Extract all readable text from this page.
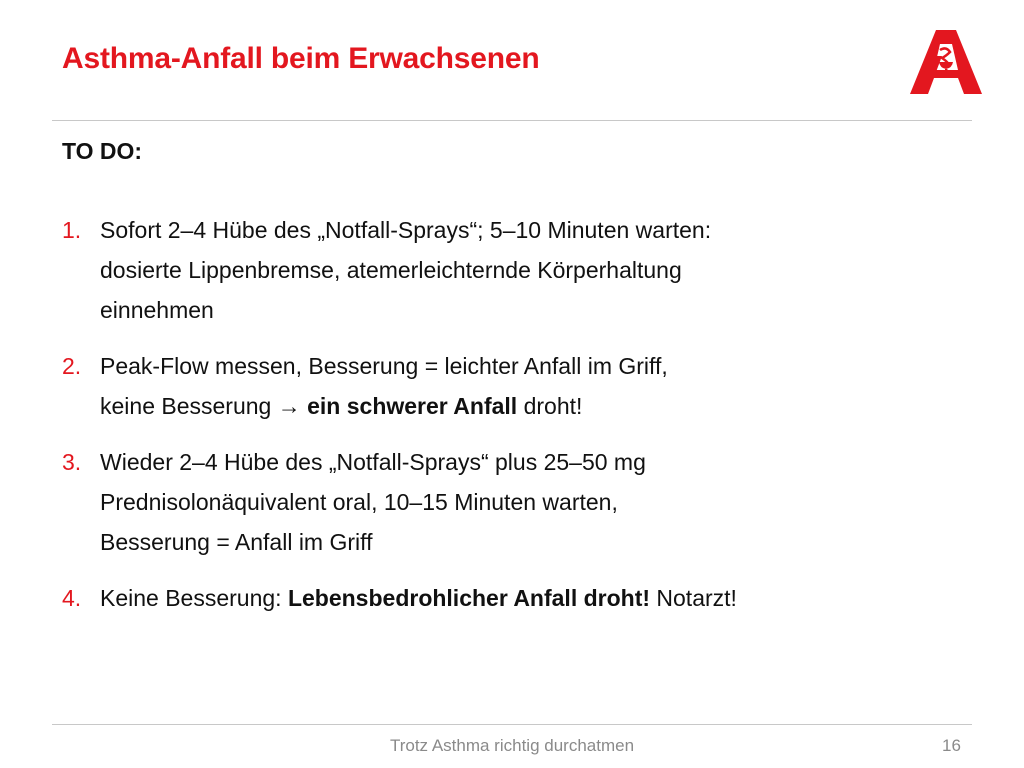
Asthma-Anfall beim Erwachsenen
TO DO:
1. Sofort 2–4 Hübe des „Notfall-Sprays“; 5–10 Minuten warten:
dosierte Lippenbremse, atemerleichternde Körperhaltung
einnehmen
2. Peak-Flow messen, Besserung = leichter Anfall im Griff,
keine Besserung → ein schwerer Anfall droht!
3. Wieder 2–4 Hübe des „Notfall-Sprays“ plus 25–50 mg
Prednisolonäquivalent oral, 10–15 Minuten warten,
Besserung = Anfall im Griff
4. Keine Besserung: Lebensbedrohlicher Anfall droht! Notarzt!
Trotz Asthma richtig durchatmen	16
